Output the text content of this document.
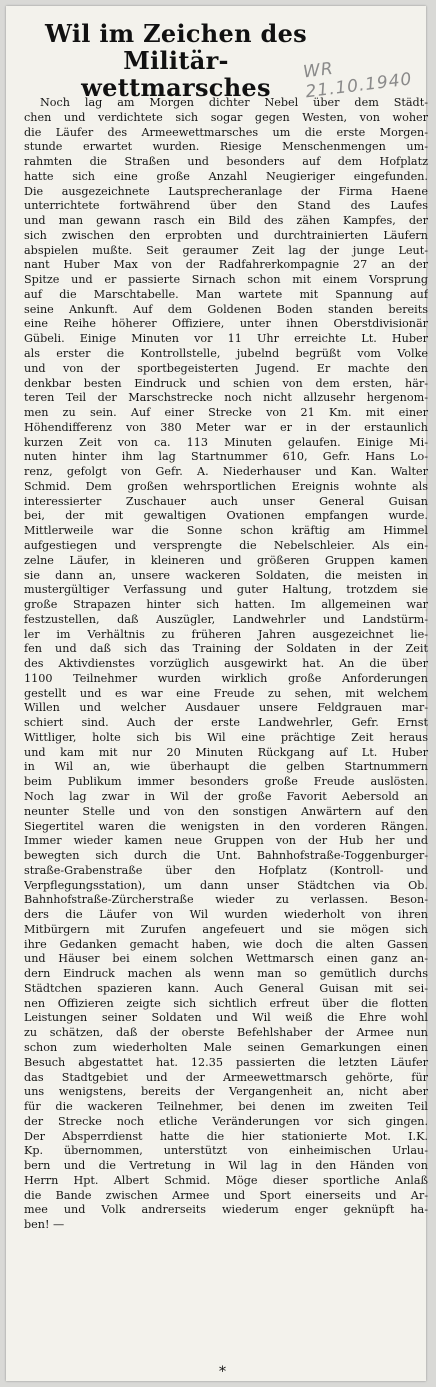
Wil im Zeichen des Militär-
wettmarsches
WR 21.10.1940
Noch lag am Morgen dichter Nebel über dem Städt-
chen und verdichtete sich sogar gegen Westen, von woher
die Läufer des Armeewettmarsches um die erste Morgen-
stunde erwartet wurden. Riesige Menschenmengen um-
rahmten die Straßen und besonders auf dem Hofplatz
hatte sich eine große Anzahl Neugieriger eingefunden.
Die ausgezeichnete Lautsprecheranlage der Firma Haene
unterrichtete fortwährend über den Stand des Laufes
und man gewann rasch ein Bild des zähen Kampfes, der
sich zwischen den erprobten und durchtrainierten Läufern
abspielen mußte. Seit geraumer Zeit lag der junge Leut-
nant Huber Max von der Radfahrerkompagnie 27 an der
Spitze und er passierte Sirnach schon mit einem Vorsprung
auf die Marschtabelle. Man wartete mit Spannung auf
seine Ankunft. Auf dem Goldenen Boden standen bereits
eine Reihe höherer Offiziere, unter ihnen Oberstdivisionär
Gübeli. Einige Minuten vor 11 Uhr erreichte Lt. Huber
als erster die Kontrollstelle, jubelnd begrüßt vom Volke
und von der sportbegeisterten Jugend. Er machte den
denkbar besten Eindruck und schien von dem ersten, här-
teren Teil der Marschstrecke noch nicht allzusehr hergenom-
men zu sein. Auf einer Strecke von 21 Km. mit einer
Höhendifferenz von 380 Meter war er in der erstaunlich
kurzen Zeit von ca. 113 Minuten gelaufen. Einige Mi-
nuten hinter ihm lag Startnummer 610, Gefr. Hans Lo-
renz, gefolgt von Gefr. A. Niederhauser und Kan. Walter
Schmid. Dem großen wehrsportlichen Ereignis wohnte als
interessierter Zuschauer auch unser General Guisan
bei, der mit gewaltigen Ovationen empfangen wurde.
Mittlerweile war die Sonne schon kräftig am Himmel
aufgestiegen und versprengte die Nebelschleier. Als ein-
zelne Läufer, in kleineren und größeren Gruppen kamen
sie dann an, unsere wackeren Soldaten, die meisten in
mustergültiger Verfassung und guter Haltung, trotzdem sie
große Strapazen hinter sich hatten. Im allgemeinen war
festzustellen, daß Auszügler, Landwehrler und Landstürm-
ler im Verhältnis zu früheren Jahren ausgezeichnet lie-
fen und daß sich das Training der Soldaten in der Zeit
des Aktivdienstes vorzüglich ausgewirkt hat. An die über
1100 Teilnehmer wurden wirklich große Anforderungen
gestellt und es war eine Freude zu sehen, mit welchem
Willen und welcher Ausdauer unsere Feldgrauen mar-
schiert sind. Auch der erste Landwehrler, Gefr. Ernst
Wittliger, holte sich bis Wil eine prächtige Zeit heraus
und kam mit nur 20 Minuten Rückgang auf Lt. Huber
in Wil an, wie überhaupt die gelben Startnummern
beim Publikum immer besonders große Freude auslösten.
Noch lag zwar in Wil der große Favorit Aebersold an
neunter Stelle und von den sonstigen Anwärtern auf den
Siegertitel waren die wenigsten in den vorderen Rängen.
Immer wieder kamen neue Gruppen von der Hub her und
bewegten sich durch die Unt. Bahnhofstraße-Toggenburger-
straße-Grabenstraße über den Hofplatz (Kontroll- und
Verpflegungsstation), um dann unser Städtchen via Ob.
Bahnhofstraße-Zürcherstraße wieder zu verlassen. Beson-
ders die Läufer von Wil wurden wiederholt von ihren
Mitbürgern mit Zurufen angefeuert und sie mögen sich
ihre Gedanken gemacht haben, wie doch die alten Gassen
und Häuser bei einem solchen Wettmarsch einen ganz an-
dern Eindruck machen als wenn man so gemütlich durchs
Städtchen spazieren kann. Auch General Guisan mit sei-
nen Offizieren zeigte sich sichtlich erfreut über die flotten
Leistungen seiner Soldaten und Wil weiß die Ehre wohl
zu schätzen, daß der oberste Befehlshaber der Armee nun
schon zum wiederholten Male seinen Gemarkungen einen
Besuch abgestattet hat. 12.35 passierten die letzten Läufer
das Stadtgebiet und der Armeewettmarsch gehörte, für
uns wenigstens, bereits der Vergangenheit an, nicht aber
für die wackeren Teilnehmer, bei denen im zweiten Teil
der Strecke noch etliche Veränderungen vor sich gingen.
Der Absperrdienst hatte die hier stationierte Mot. I.K.
Kp. übernommen, unterstützt von einheimischen Urlau-
bern und die Vertretung in Wil lag in den Händen von
Herrn Hpt. Albert Schmid. Möge dieser sportliche Anlaß
die Bande zwischen Armee und Sport einerseits und Ar-
mee und Volk andrerseits wiederum enger geknüpft ha-
ben! —
*
